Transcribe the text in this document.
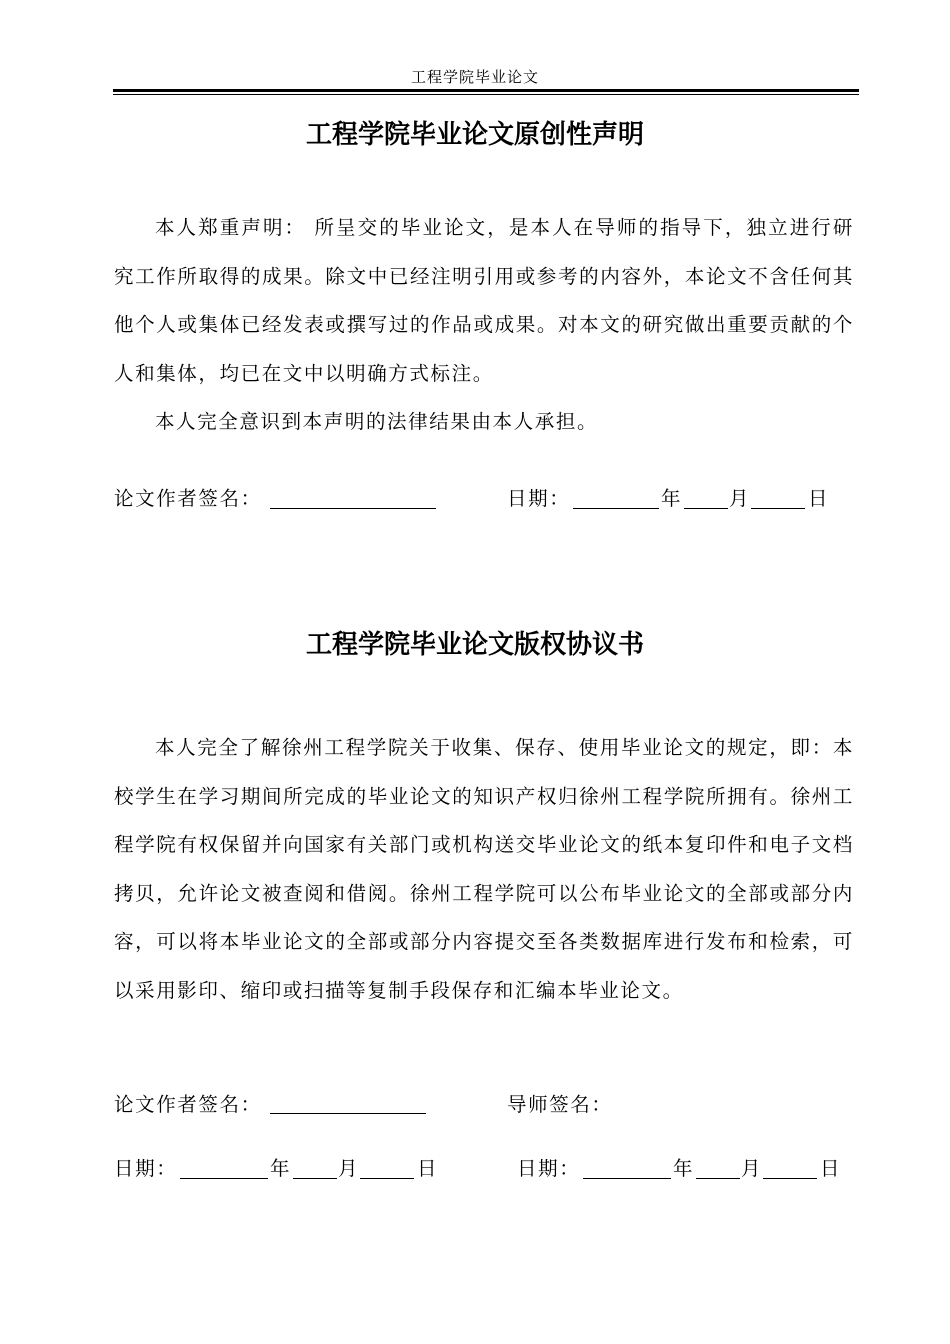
工程学院毕业论文
工程学院毕业论文原创性声明
本人郑重声明： 所呈交的毕业论文，是本人在导师的指导下，独立进行研究工作所取得的成果。除文中已经注明引用或参考的内容外，本论文不含任何其他个人或集体已经发表或撰写过的作品或成果。对本文的研究做出重要贡献的个人和集体，均已在文中以明确方式标注。
本人完全意识到本声明的法律结果由本人承担。
论文作者签名：	日期：	年 月	日
工程学院毕业论文版权协议书
本人完全了解徐州工程学院关于收集、保存、使用毕业论文的规定，即：本校学生在学习期间所完成的毕业论文的知识产权归徐州工程学院所拥有。徐州工程学院有权保留并向国家有关部门或机构送交毕业论文的纸本复印件和电子文档拷贝，允许论文被查阅和借阅。徐州工程学院可以公布毕业论文的全部或部分内容，可以将本毕业论文的全部或部分内容提交至各类数据库进行发布和检索，可以采用影印、缩印或扫描等复制手段保存和汇编本毕业论文。
论文作者签名：	导师签名：
日期：	年 月	日	日期：	年 月	日
